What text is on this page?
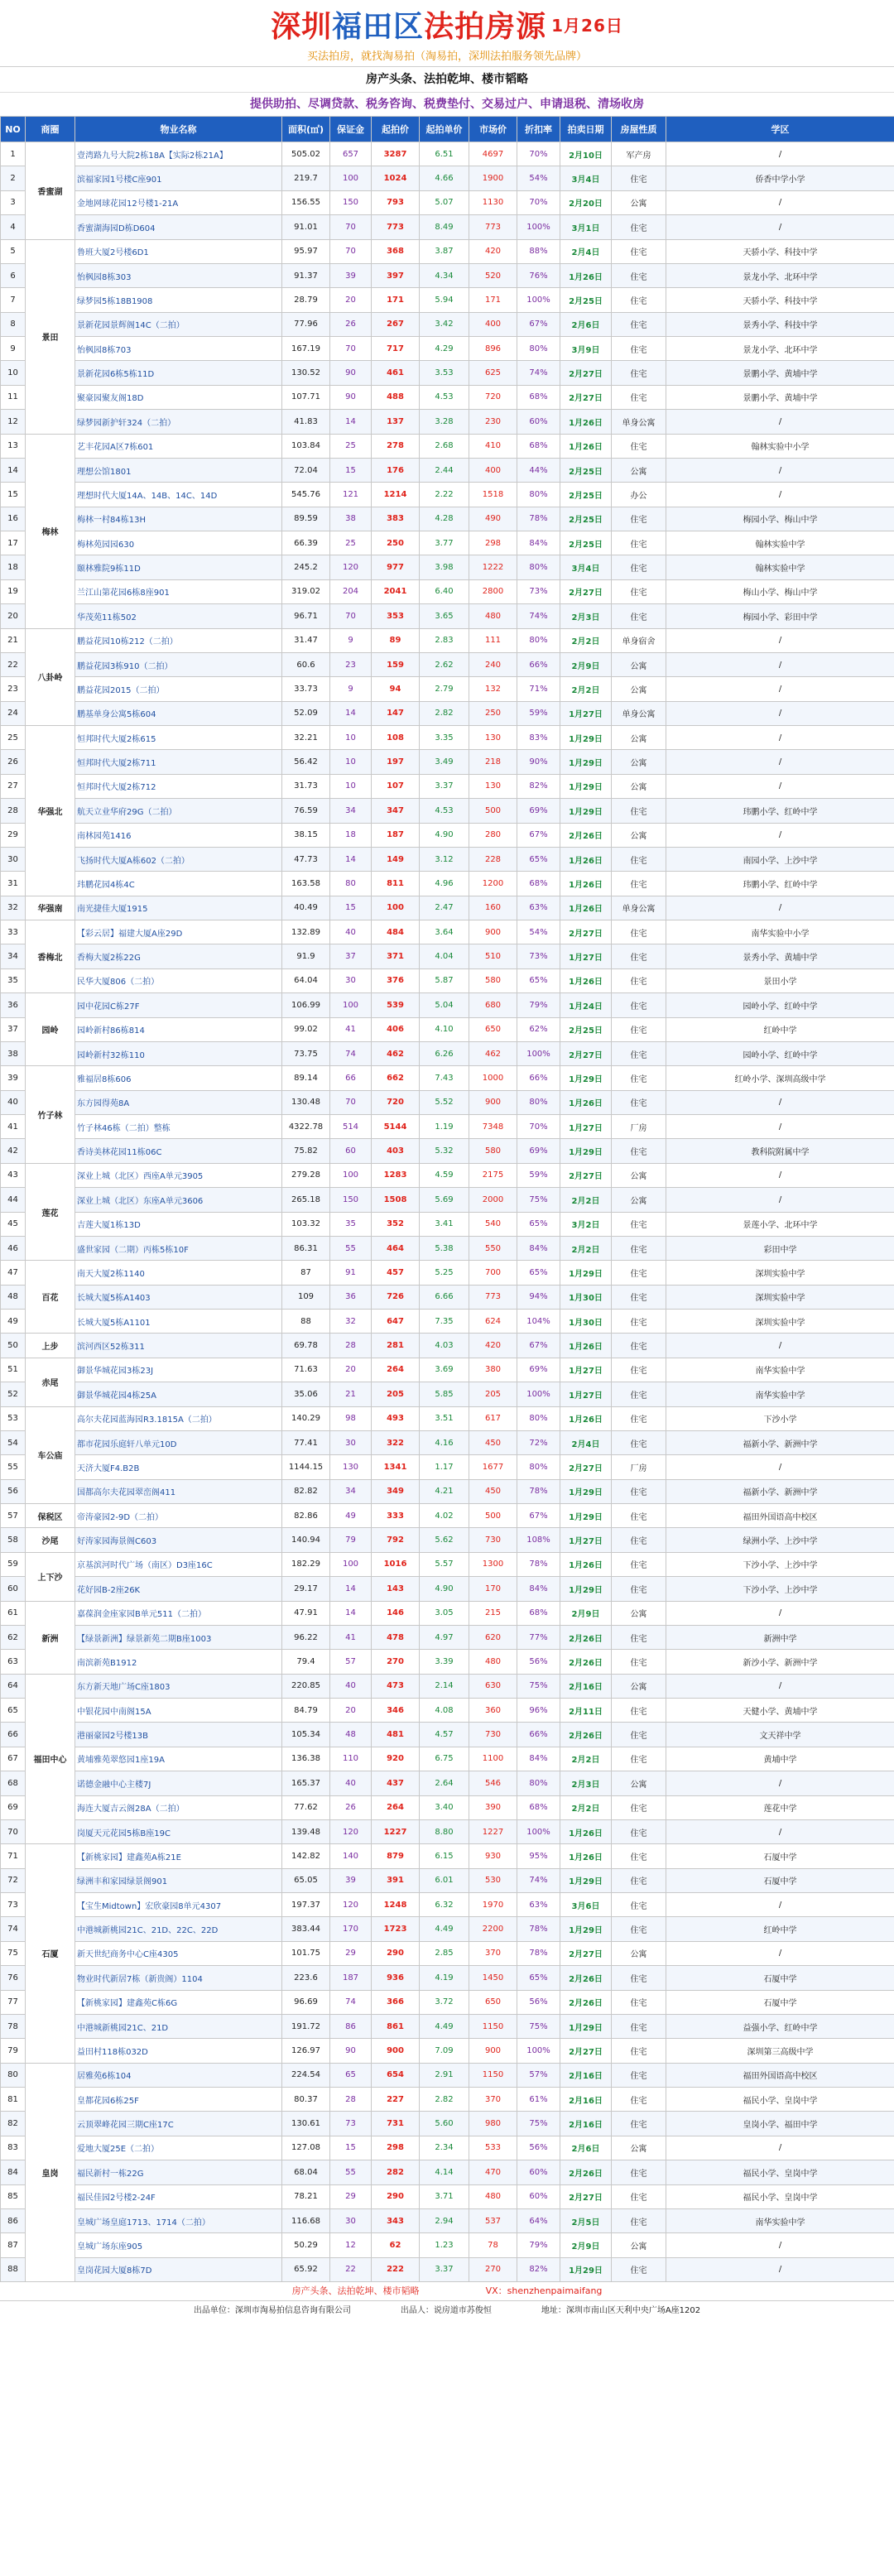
深圳 福田区 法拍房源 1月26日
买法拍房，就找淘易拍（淘易拍，深圳法拍服务领先品牌）
房产头条、法拍乾坤、楼市韬略
提供助拍、尽调贷款、税务咨询、税费垫付、交易过户、申请退税、清场收房
NO	商圈	物业名称	面积(㎡)	保证金	起拍价	起拍单价	市场价	折扣率	拍卖日期	房屋性质	学区
1	香蜜湖	壹湾路九号大院2栋18A【实际2栋21A】	505.02	657	3287	6.51	4697	70%	2月10日	军产房	/
2		滨福家园1号楼C座901	219.7	100	1024	4.66	1900	54%	3月4日	住宅	侨香中学小学
3		金地网球花园12号楼1-21A	156.55	150	793	5.07	1130	70%	2月20日	公寓	/
4		香蜜湖海园D栋D604	91.01	70	773	8.49	773	100%	3月1日	住宅	/
5	景田	鲁班大厦2号楼6D1	95.97	70	368	3.87	420	88%	2月4日	住宅	天骄小学、科技中学
6		怡枫园8栋303	91.37	39	397	4.34	520	76%	1月26日	住宅	景龙小学、北环中学
7		绿梦园5栋18B1908	28.79	20	171	5.94	171	100%	2月25日	住宅	天骄小学、科技中学
8		景新花园景辉阁14C（二拍）	77.96	26	267	3.42	400	67%	2月6日	住宅	景秀小学、科技中学
9		怡枫园8栋703	167.19	70	717	4.29	896	80%	3月9日	住宅	景龙小学、北环中学
10		景新花园6栋5栋11D	130.52	90	461	3.53	625	74%	2月27日	住宅	景鹏小学、黄埔中学
11		聚豪园聚友阁18D	107.71	90	488	4.53	720	68%	2月27日	住宅	景鹏小学、黄埔中学
12		绿梦园新护轩324（二拍）	41.83	14	137	3.28	230	60%	1月26日	单身公寓	/
13	梅林	艺丰花园A区7栋601	103.84	25	278	2.68	410	68%	1月26日	住宅	翰林实验中小学
14		理想公馆1801	72.04	15	176	2.44	400	44%	2月25日	公寓	/
15		理想时代大厦14A、14B、14C、14D	545.76	121	1214	2.22	1518	80%	2月25日	办公	/
16		梅林一村84栋13H	89.59	38	383	4.28	490	78%	2月25日	住宅	梅园小学、梅山中学
17		梅林苑园园630	66.39	25	250	3.77	298	84%	2月25日	住宅	翰林实验中学
18		颐林雅院9栋11D	245.2	120	977	3.98	1222	80%	3月4日	住宅	翰林实验中学
19		兰江山第花园6栋8座901	319.02	204	2041	6.40	2800	73%	2月27日	住宅	梅山小学、梅山中学
20		华茂苑11栋502	96.71	70	353	3.65	480	74%	2月3日	住宅	梅园小学、彩田中学
21	八卦岭	鹏益花园10栋212（二拍）	31.47	9	89	2.83	111	80%	2月2日	单身宿舍	/
22		鹏益花园3栋910（二拍）	60.6	23	159	2.62	240	66%	2月9日	公寓	/
23		鹏益花园2015（二拍）	33.73	9	94	2.79	132	71%	2月2日	公寓	/
24		鹏基单身公寓5栋604	52.09	14	147	2.82	250	59%	1月27日	单身公寓	/
25	华强北	恒邦时代大厦2栋615	32.21	10	108	3.35	130	83%	1月29日	公寓	/
26		恒邦时代大厦2栋711	56.42	10	197	3.49	218	90%	1月29日	公寓	/
27		恒邦时代大厦2栋712	31.73	10	107	3.37	130	82%	1月29日	公寓	/
28		航天立业华府29G（二拍）	76.59	34	347	4.53	500	69%	1月29日	住宅	玮鹏小学、红岭中学
29		南林园苑1416	38.15	18	187	4.90	280	67%	2月26日	公寓	/
30		飞扬时代大厦A栋602（二拍）	47.73	14	149	3.12	228	65%	1月26日	住宅	南园小学、上沙中学
31		玮鹏花园4栋4C	163.58	80	811	4.96	1200	68%	1月26日	住宅	玮鹏小学、红岭中学
32	华强南	南光捷佳大厦1915	40.49	15	100	2.47	160	63%	1月26日	单身公寓	/
33	香梅北	【彩云居】福建大厦A座29D	132.89	40	484	3.64	900	54%	2月27日	住宅	南华实验中小学
34		香梅大厦2栋22G	91.9	37	371	4.04	510	73%	1月27日	住宅	景秀小学、黄埔中学
35		民华大厦806（二拍）	64.04	30	376	5.87	580	65%	1月26日	住宅	景田小学
36	园岭	园中花园C栋27F	106.99	100	539	5.04	680	79%	1月24日	住宅	园岭小学、红岭中学
37		园岭新村86栋814	99.02	41	406	4.10	650	62%	2月25日	住宅	红岭中学
38		园岭新村32栋110	73.75	74	462	6.26	462	100%	2月27日	住宅	园岭小学、红岭中学
39	竹子林	雅福居8栋606	89.14	66	662	7.43	1000	66%	1月29日	住宅	红岭小学、深圳高级中学
40		东方园得苑8A	130.48	70	720	5.52	900	80%	1月26日	住宅	/
41		竹子林46栋（二拍）整栋	4322.78	514	5144	1.19	7348	70%	1月27日	厂房	/
42		香诗美林花园11栋06C	75.82	60	403	5.32	580	69%	1月29日	住宅	教科院附属中学
43	莲花	深业上城（北区）西座A单元3905	279.28	100	1283	4.59	2175	59%	2月27日	公寓	/
44		深业上城（北区）东座A单元3606	265.18	150	1508	5.69	2000	75%	2月2日	公寓	/
45		吉莲大厦1栋13D	103.32	35	352	3.41	540	65%	3月2日	住宅	景莲小学、北环中学
46		盛世家园（二期）丙栋5栋10F	86.31	55	464	5.38	550	84%	2月2日	住宅	彩田中学
47	百花	南天大厦2栋1140	87	91	457	5.25	700	65%	1月29日	住宅	深圳实验中学
48		长城大厦5栋A1403	109	36	726	6.66	773	94%	1月30日	住宅	深圳实验中学
49		长城大厦5栋A1101	88	32	647	7.35	624	104%	1月30日	住宅	深圳实验中学
50	上步	滨河西区52栋311	69.78	28	281	4.03	420	67%	1月26日	住宅	/
51	赤尾	御景华城花园3栋23J	71.63	20	264	3.69	380	69%	1月27日	住宅	南华实验中学
52		御景华城花园4栋25A	35.06	21	205	5.85	205	100%	1月27日	住宅	南华实验中学
53	车公庙	高尔夫花园蓝海园R3.1815A（二拍）	140.29	98	493	3.51	617	80%	1月26日	住宅	下沙小学
54		都市花园乐庭轩八单元10D	77.41	30	322	4.16	450	72%	2月4日	住宅	福新小学、新洲中学
55		天济大厦F4.B2B	1144.15	130	1341	1.17	1677	80%	2月27日	厂房	/
56		国都高尔夫花园翠峦阁411	82.82	34	349	4.21	450	78%	1月29日	住宅	福新小学、新洲中学
57	保税区	帝涛豪园2-9D（二拍）	82.86	49	333	4.02	500	67%	1月29日	住宅	福田外国语高中校区
58	沙尾	好涛家园海景阁C603	140.94	79	792	5.62	730	108%	1月27日	住宅	绿洲小学、上沙中学
59	上下沙	京基滨河时代广场（南区）D3座16C	182.29	100	1016	5.57	1300	78%	1月26日	住宅	下沙小学、上沙中学
60		花好园B-2座26K	29.17	14	143	4.90	170	84%	1月29日	住宅	下沙小学、上沙中学
61	新洲	嘉葆润金座家园B单元511（二拍）	47.91	14	146	3.05	215	68%	2月9日	公寓	/
62		【绿景新洲】绿景新苑二期B座1003	96.22	41	478	4.97	620	77%	2月26日	住宅	新洲中学
63		南滨新苑B1912	79.4	57	270	3.39	480	56%	2月26日	住宅	新沙小学、新洲中学
64	福田中心	东方新天地广场C座1803	220.85	40	473	2.14	630	75%	2月16日	公寓	/
65		中银花园中南阁15A	84.79	20	346	4.08	360	96%	2月11日	住宅	天健小学、黄埔中学
66		港丽豪园2号楼13B	105.34	48	481	4.57	730	66%	2月26日	住宅	文天祥中学
67		黄埔雅苑翠悠园1座19A	136.38	110	920	6.75	1100	84%	2月2日	住宅	黄埔中学
68		诺德金融中心主楼7J	165.37	40	437	2.64	546	80%	2月3日	公寓	/
69		海连大厦吉云阁28A（二拍）	77.62	26	264	3.40	390	68%	2月2日	住宅	莲花中学
70		岗厦天元花园5栋B座19C	139.48	120	1227	8.80	1227	100%	1月26日	住宅	/
71	石厦	【新桃家园】建鑫苑A栋21E	142.82	140	879	6.15	930	95%	1月26日	住宅	石厦中学
72		绿洲丰和家园绿景阁901	65.05	39	391	6.01	530	74%	1月29日	住宅	石厦中学
73		【宝生Midtown】宏欣豪园8单元4307	197.37	120	1248	6.32	1970	63%	3月6日	住宅	/
74		中港城新桃园21C、21D、22C、22D	383.44	170	1723	4.49	2200	78%	1月29日	住宅	红岭中学
75		新天世纪商务中心C座4305	101.75	29	290	2.85	370	78%	2月27日	公寓	/
76		物业时代新居7栋（新贵阁）1104	223.6	187	936	4.19	1450	65%	2月26日	住宅	石厦中学
77		【新桃家园】建鑫苑C栋6G	96.69	74	366	3.72	650	56%	2月26日	住宅	石厦中学
78		中港城新桃园21C、21D	191.72	86	861	4.49	1150	75%	1月29日	住宅	益强小学、红岭中学
79		益田村118栋032D	126.97	90	900	7.09	900	100%	2月27日	住宅	深圳第三高级中学
80	皇岗	居雅苑6栋104	224.54	65	654	2.91	1150	57%	2月16日	住宅	福田外国语高中校区
81		皇都花园6栋25F	80.37	28	227	2.82	370	61%	2月16日	住宅	福民小学、皇岗中学
82		云顶翠峰花园三期C座17C	130.61	73	731	5.60	980	75%	2月16日	住宅	皇岗小学、福田中学
83		爱地大厦25E（二拍）	127.08	15	298	2.34	533	56%	2月6日	公寓	/
84		福民新村一栋22G	68.04	55	282	4.14	470	60%	2月26日	住宅	福民小学、皇岗中学
85		福民佳园2号楼2-24F	78.21	29	290	3.71	480	60%	2月27日	住宅	福民小学、皇岗中学
86		皇城广场皇庭1713、1714（二拍）	116.68	30	343	2.94	537	64%	2月5日	住宅	南华实验中学
87		皇城广场东座905	50.29	12	62	1.23	78	79%	2月9日	公寓	/
88		皇岗花园大厦8栋7D	65.92	22	222	3.37	270	82%	1月29日	住宅	/
房产头条、法拍乾坤、楼市韬略	VX：shenzhenpaimaifang
出品单位：深圳市淘易拍信息咨询有限公司	出品人：说房道市苏俊恒	地址：深圳市南山区天利中央广场A座1202
